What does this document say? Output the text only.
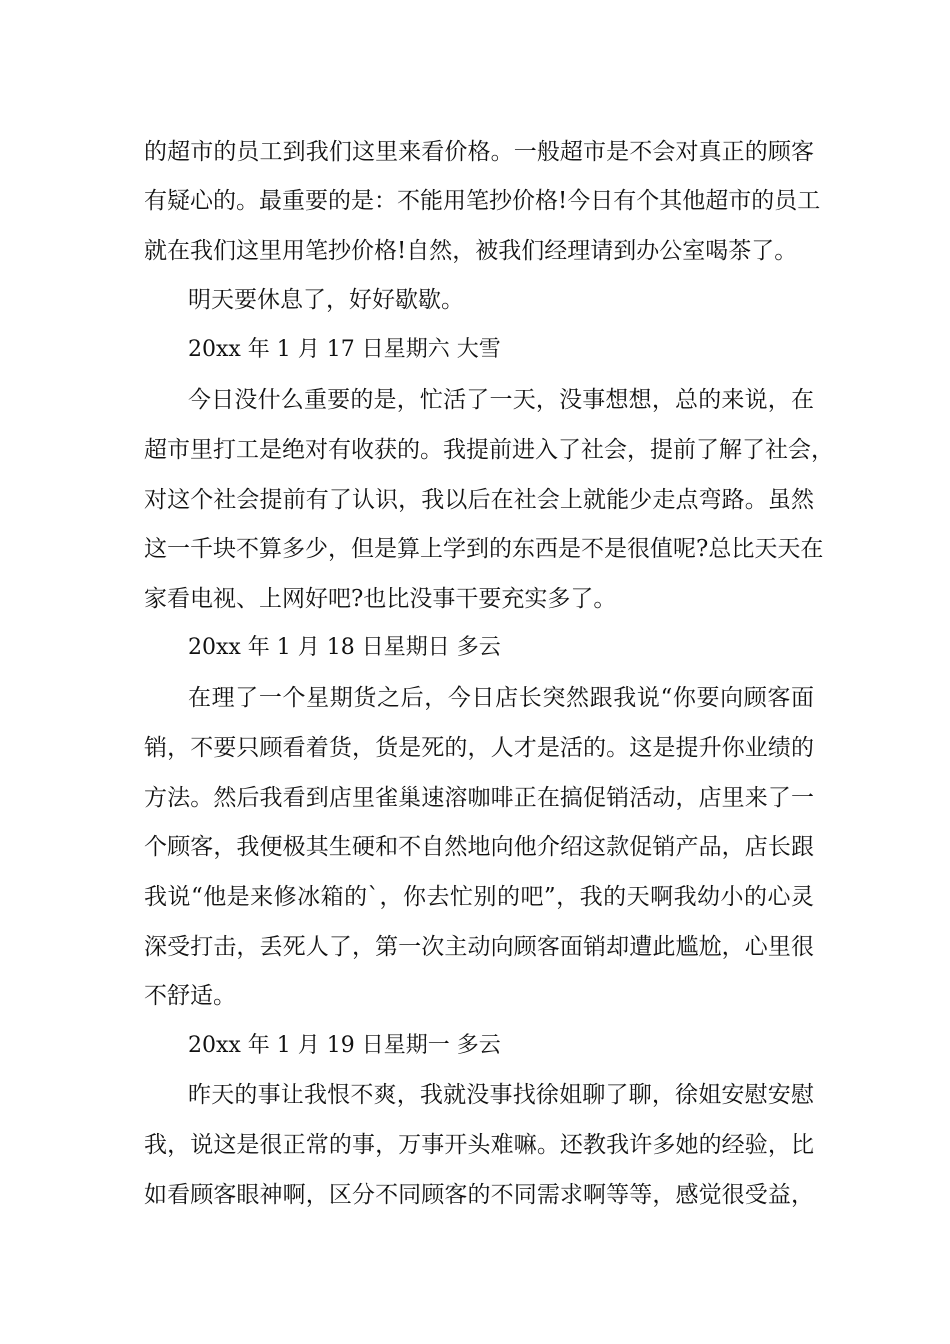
的超市的员工到我们这里来看价格。一般超市是不会对真正的顾客
有疑心的。最重要的是：不能用笔抄价格!今日有个其他超市的员工
就在我们这里用笔抄价格!自然，被我们经理请到办公室喝茶了。
明天要休息了，好好歇歇。
20xx 年 1 月 17 日星期六 大雪
今日没什么重要的是，忙活了一天，没事想想，总的来说，在
超市里打工是绝对有收获的。我提前进入了社会，提前了解了社会，
对这个社会提前有了认识，我以后在社会上就能少走点弯路。虽然
这一千块不算多少，但是算上学到的东西是不是很值呢?总比天天在
家看电视、上网好吧?也比没事干要充实多了。
20xx 年 1 月 18 日星期日 多云
在理了一个星期货之后，今日店长突然跟我说“你要向顾客面
销，不要只顾看着货，货是死的，人才是活的。这是提升你业绩的
方法。然后我看到店里雀巢速溶咖啡正在搞促销活动，店里来了一
个顾客，我便极其生硬和不自然地向他介绍这款促销产品，店长跟
我说“他是来修冰箱的`，你去忙别的吧”，我的天啊我幼小的心灵
深受打击，丢死人了，第一次主动向顾客面销却遭此尴尬，心里很
不舒适。
20xx 年 1 月 19 日星期一 多云
昨天的事让我恨不爽，我就没事找徐姐聊了聊，徐姐安慰安慰
我，说这是很正常的事，万事开头难嘛。还教我许多她的经验，比
如看顾客眼神啊，区分不同顾客的不同需求啊等等，感觉很受益，
